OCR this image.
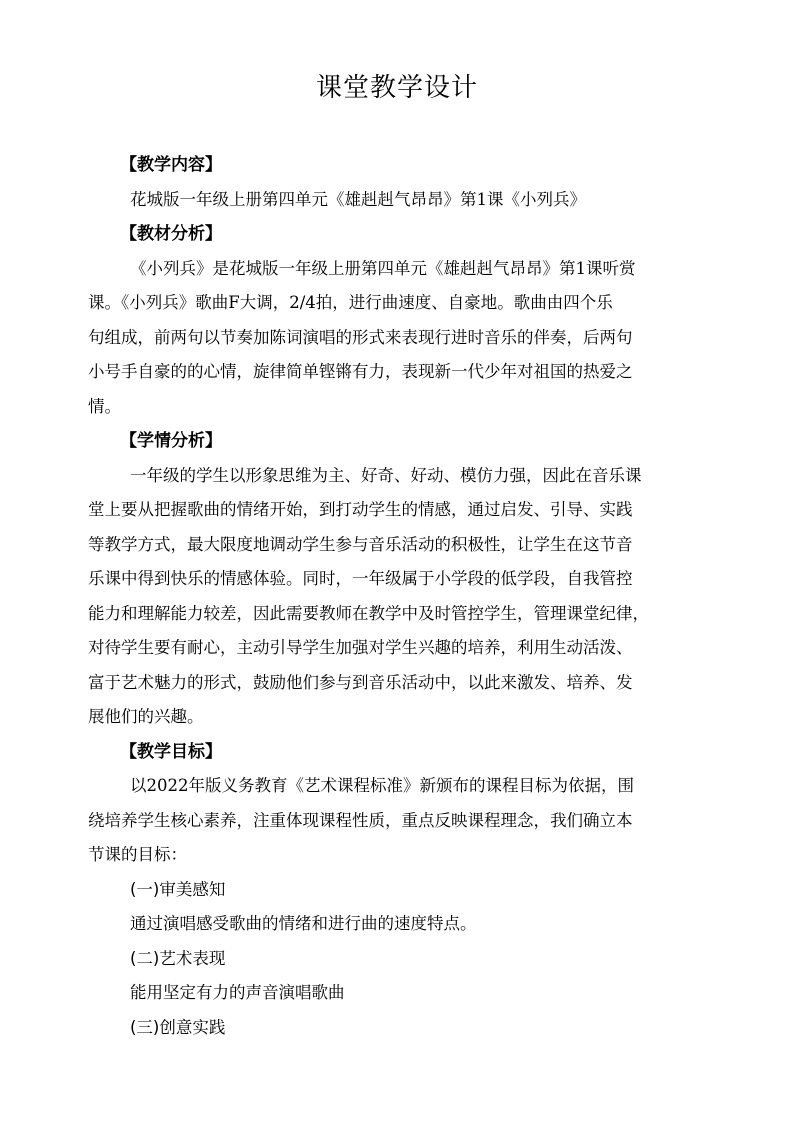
课堂教学设计
【教学内容】
花城版一年级上册第四单元《雄赳赳气昂昂》第1课《小列兵》
【教材分析】
《小列兵》是花城版一年级上册第四单元《雄赳赳气昂昂》第1课听赏
课。《小列兵》歌曲F大调，2/4拍，进行曲速度、自豪地。歌曲由四个乐
句组成，前两句以节奏加陈词演唱的形式来表现行进时音乐的伴奏，后两句
小号手自豪的的心情，旋律简单铿锵有力，表现新一代少年对祖国的热爱之
情。
【学情分析】
一年级的学生以形象思维为主、好奇、好动、模仿力强，因此在音乐课
堂上要从把握歌曲的情绪开始，到打动学生的情感，通过启发、引导、实践
等教学方式，最大限度地调动学生参与音乐活动的积极性，让学生在这节音
乐课中得到快乐的情感体验。同时，一年级属于小学段的低学段，自我管控
能力和理解能力较差，因此需要教师在教学中及时管控学生，管理课堂纪律，
对待学生要有耐心，主动引导学生加强对学生兴趣的培养，利用生动活泼、
富于艺术魅力的形式，鼓励他们参与到音乐活动中，以此来激发、培养、发
展他们的兴趣。
【教学目标】
以2022年版义务教育《艺术课程标准》新颁布的课程目标为依据，围
绕培养学生核心素养，注重体现课程性质，重点反映课程理念，我们确立本
节课的目标：
(一)审美感知
通过演唱感受歌曲的情绪和进行曲的速度特点。
(二)艺术表现
能用坚定有力的声音演唱歌曲
(三)创意实践
